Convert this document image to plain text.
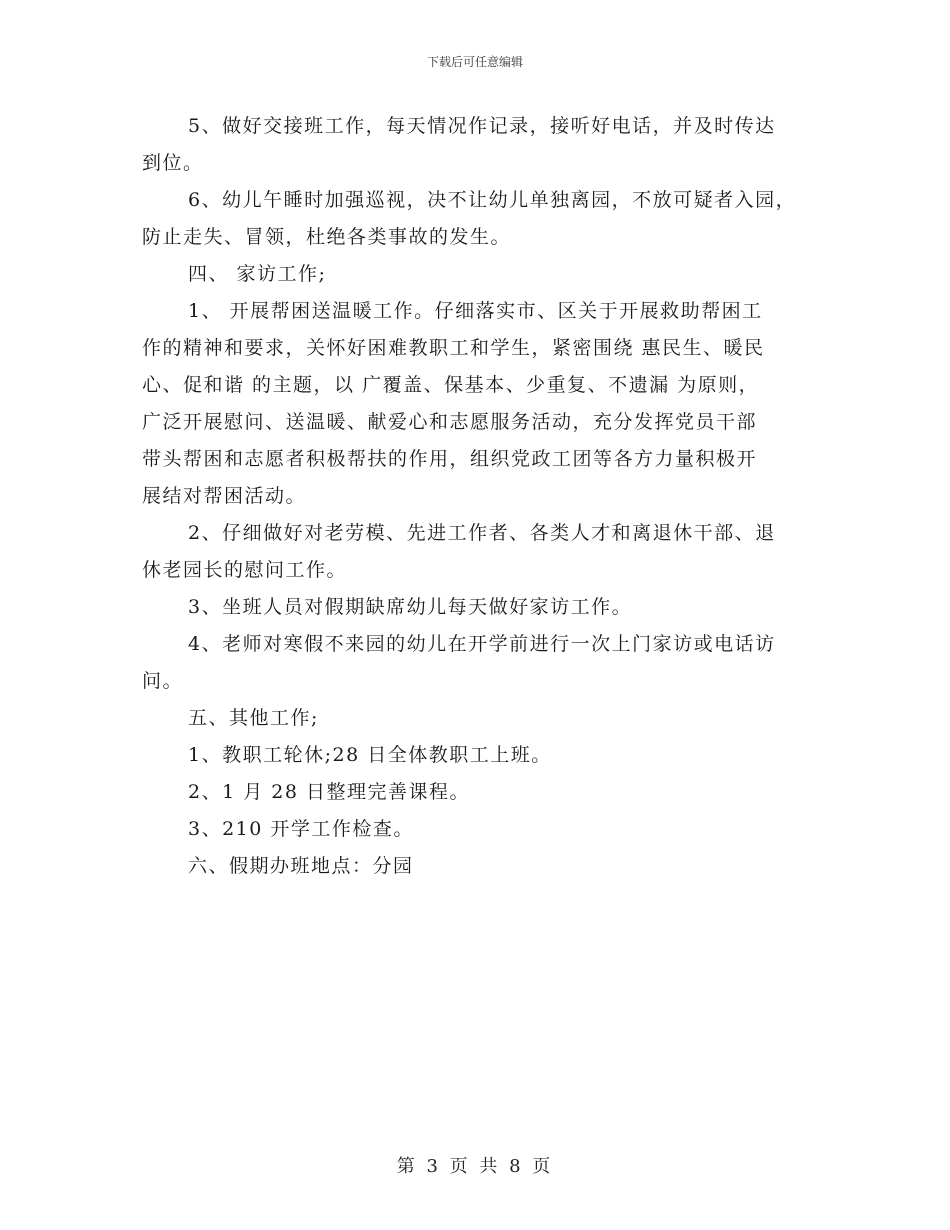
下载后可任意编辑

5、做好交接班工作，每天情况作记录，接听好电话，并及时传达

到位。

6、幼儿午睡时加强巡视，决不让幼儿单独离园，不放可疑者入园，

防止走失、冒领，杜绝各类事故的发生。

四、 家访工作;

1、 开展帮困送温暖工作。仔细落实市、区关于开展救助帮困工

作的精神和要求，关怀好困难教职工和学生，紧密围绕 惠民生、暖民

心、促和谐 的主题，以 广覆盖、保基本、少重复、不遗漏 为原则，

广泛开展慰问、送温暖、献爱心和志愿服务活动，充分发挥党员干部

带头帮困和志愿者积极帮扶的作用，组织党政工团等各方力量积极开

展结对帮困活动。

2、仔细做好对老劳模、先进工作者、各类人才和离退休干部、退

休老园长的慰问工作。

3、坐班人员对假期缺席幼儿每天做好家访工作。

4、老师对寒假不来园的幼儿在开学前进行一次上门家访或电话访

问。

五、其他工作;

1、教职工轮休;28 日全体教职工上班。

2、1 月 28 日整理完善课程。

3、210 开学工作检查。

六、假期办班地点：分园

第 3 页 共 8 页
